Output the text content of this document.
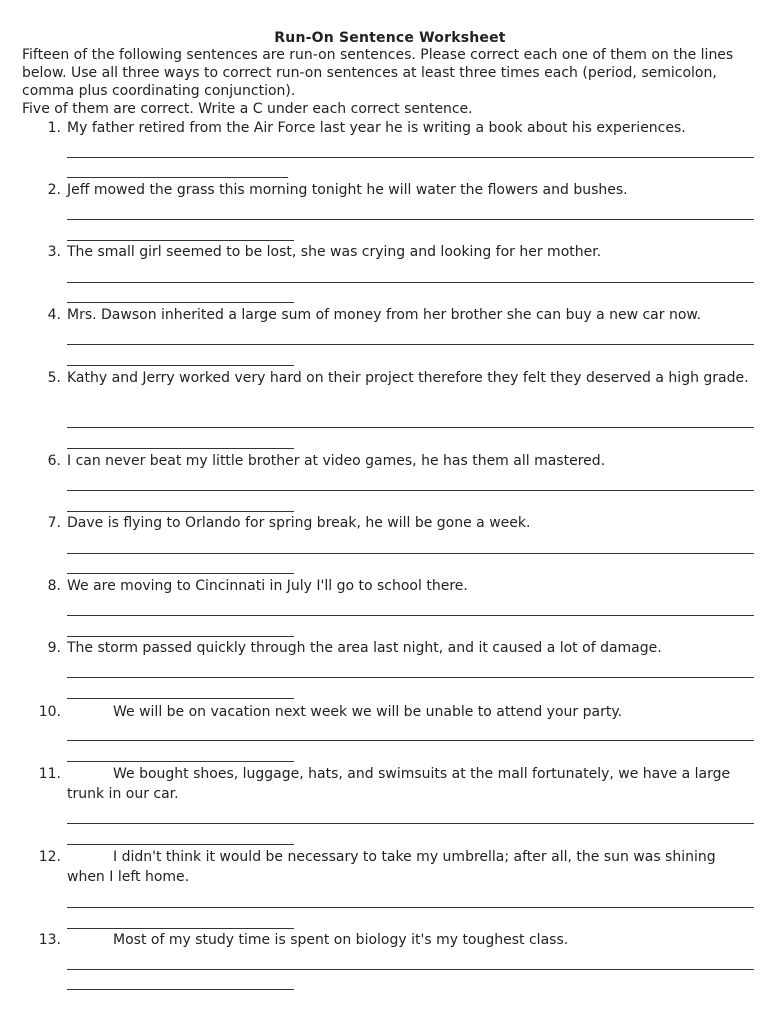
Run-On Sentence Worksheet

Fifteen of the following sentences are run-on sentences. Please correct each one of them on the lines below. Use all three ways to correct run-on sentences at least three times each (period, semicolon, comma plus coordinating conjunction).

Five of them are correct. Write a C under each correct sentence.

1. My father retired from the Air Force last year he is writing a book about his experiences.
2. Jeff mowed the grass this morning tonight he will water the flowers and bushes.
3. The small girl seemed to be lost, she was crying and looking for her mother.
4. Mrs. Dawson inherited a large sum of money from her brother she can buy a new car now.
5. Kathy and Jerry worked very hard on their project therefore they felt they deserved a high grade.
6. I can never beat my little brother at video games, he has them all mastered.
7. Dave is flying to Orlando for spring break, he will be gone a week.
8. We are moving to Cincinnati in July I'll go to school there.
9. The storm passed quickly through the area last night, and it caused a lot of damage.
10.	We will be on vacation next week we will be unable to attend your party.
11.	We bought shoes, luggage, hats, and swimsuits at the mall fortunately, we have a large trunk in our car.
12.	I didn't think it would be necessary to take my umbrella; after all, the sun was shining when I left home.
13.	Most of my study time is spent on biology it's my toughest class.
